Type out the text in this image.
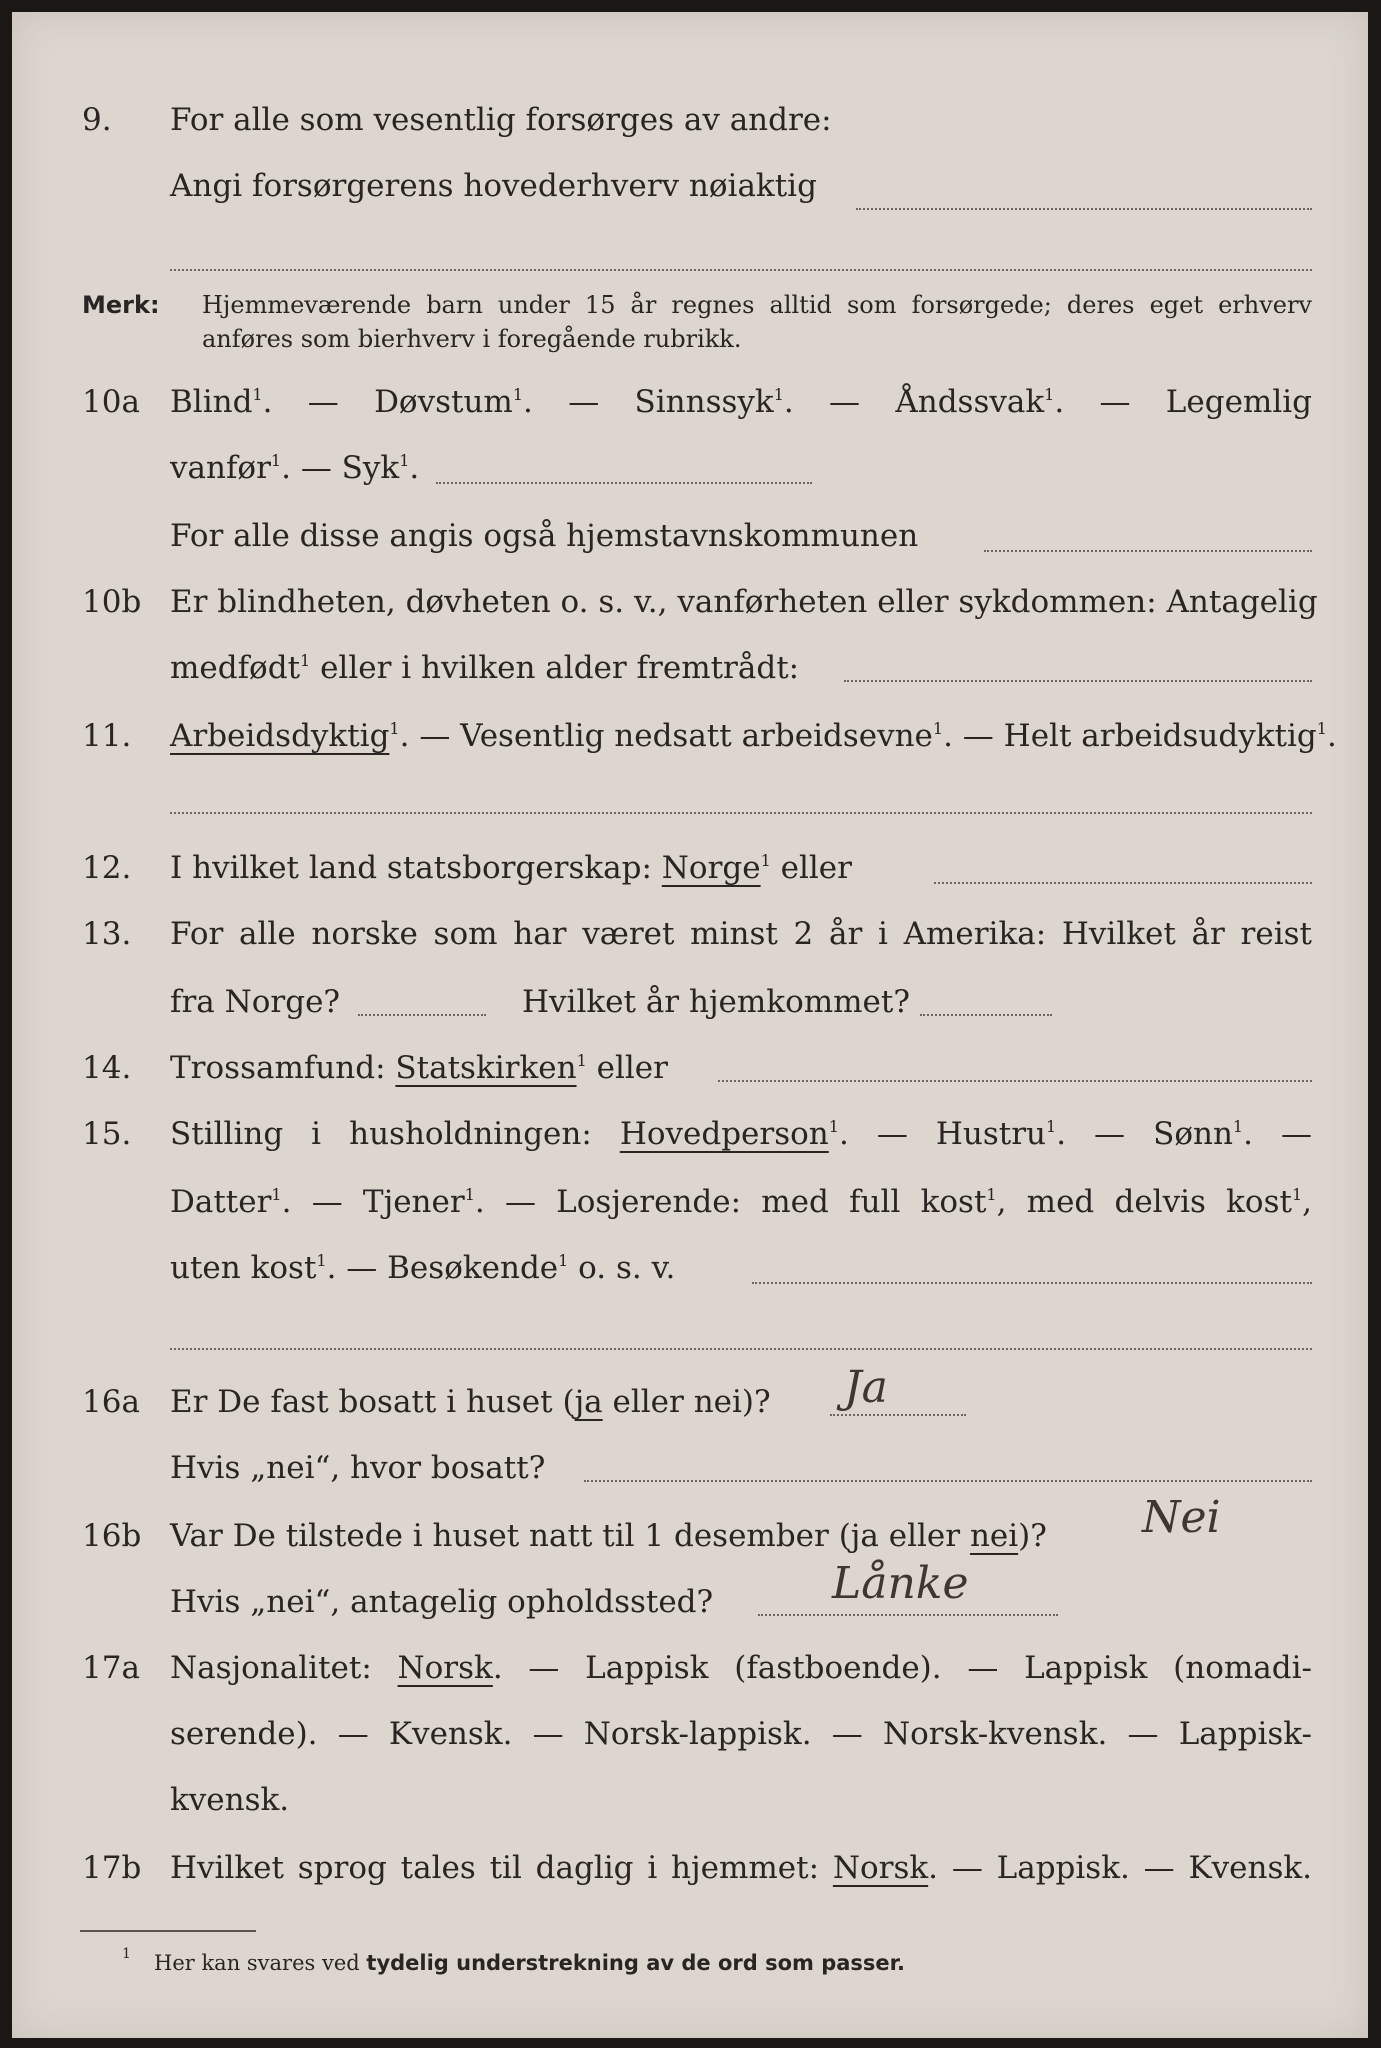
9.	For alle som vesentlig forsørges av andre:
Angi forsørgerens hovederhverv nøiaktig
Merk: Hjemmeværende barn under 15 år regnes alltid som forsørgede; deres eget erhverv anføres som bierhverv i foregående rubrikk.
10a Blind$^1$. — Døvstum$^1$. — Sinnssyk$^1$. — Åndssvak$^1$. — Legemlig
vanfør$^1$. — Syk$^1$.
For alle disse angis også hjemstavnskommunen
10b Er blindheten, døvheten o. s. v., vanførheten eller sykdommen: Antagelig
medfødt$^1$ eller i hvilken alder fremtrådt:
11.	Arbeidsdyktig$^1$. — Vesentlig nedsatt arbeidsevne$^1$. — Helt arbeidsudyktig$^1$.
12.	I hvilket land statsborgerskap: Norge$^1$ eller
13.	For alle norske som har været minst 2 år i Amerika: Hvilket år reist
fra Norge?	Hvilket år hjemkommet?
14.	Trossamfund: Statskirken$^1$ eller
15.	Stilling i husholdningen: Hovedperson$^1$. — Hustru$^1$. — Sønn$^1$. —
Datter$^1$. — Tjener$^1$. — Losjerende: med full kost$^1$, med delvis kost$^1$,
uten kost$^1$. — Besøkende$^1$ o. s. v.
16a Er De fast bosatt i huset (ja eller nei)? Ja
Hvis „nei“, hvor bosatt?
16b Var De tilstede i huset natt til 1 desember (ja eller nei)? Nei
Hvis „nei“, antagelig opholdssted?	Lånke
17a Nasjonalitet: Norsk. — Lappisk (fastboende). — Lappisk (nomadi-
serende). — Kvensk. — Norsk-lappisk. — Norsk-kvensk. — Lappisk-
kvensk.
17b Hvilket sprog tales til daglig i hjemmet: Norsk. — Lappisk. — Kvensk.
1 Her kan svares ved tydelig understrekning av de ord som passer.
